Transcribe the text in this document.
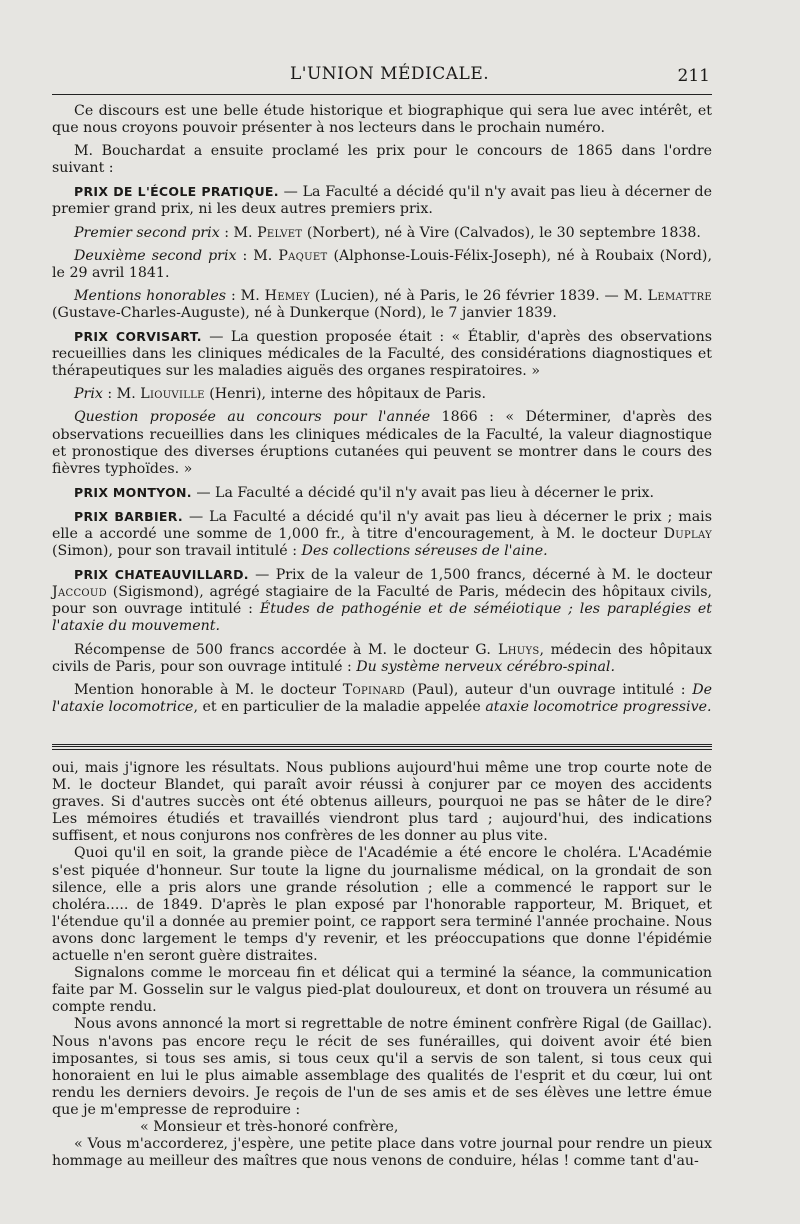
L'UNION MÉDICALE.	211

Ce discours est une belle étude historique et biographique qui sera lue avec intérêt, et que nous croyons pouvoir présenter à nos lecteurs dans le prochain numéro.

M. Bouchardat a ensuite proclamé les prix pour le concours de 1865 dans l'ordre suivant :

PRIX DE L'ÉCOLE PRATIQUE. — La Faculté a décidé qu'il n'y avait pas lieu à décerner de premier grand prix, ni les deux autres premiers prix.

Premier second prix : M. Pelvet (Norbert), né à Vire (Calvados), le 30 septembre 1838.

Deuxième second prix : M. Paquet (Alphonse-Louis-Félix-Joseph), né à Roubaix (Nord), le 29 avril 1841.

Mentions honorables : M. Hemey (Lucien), né à Paris, le 26 février 1839. — M. Lemattre (Gustave-Charles-Auguste), né à Dunkerque (Nord), le 7 janvier 1839.

PRIX CORVISART. — La question proposée était : « Établir, d'après des observations recueillies dans les cliniques médicales de la Faculté, des considérations diagnostiques et thérapeutiques sur les maladies aiguës des organes respiratoires. »

Prix : M. Liouville (Henri), interne des hôpitaux de Paris.

Question proposée au concours pour l'année 1866 : « Déterminer, d'après des observations recueillies dans les cliniques médicales de la Faculté, la valeur diagnostique et pronostique des diverses éruptions cutanées qui peuvent se montrer dans le cours des fièvres typhoïdes. »

PRIX MONTYON. — La Faculté a décidé qu'il n'y avait pas lieu à décerner le prix.

PRIX BARBIER. — La Faculté a décidé qu'il n'y avait pas lieu à décerner le prix ; mais elle a accordé une somme de 1,000 fr., à titre d'encouragement, à M. le docteur Duplay (Simon), pour son travail intitulé : Des collections séreuses de l'aine.

PRIX CHATEAUVILLARD. — Prix de la valeur de 1,500 francs, décerné à M. le docteur Jaccoud (Sigismond), agrégé stagiaire de la Faculté de Paris, médecin des hôpitaux civils, pour son ouvrage intitulé : Études de pathogénie et de séméiotique ; les paraplégies et l'ataxie du mouvement.

Récompense de 500 francs accordée à M. le docteur G. Lhuys, médecin des hôpitaux civils de Paris, pour son ouvrage intitulé : Du système nerveux cérébro-spinal.

Mention honorable à M. le docteur Topinard (Paul), auteur d'un ouvrage intitulé : De l'ataxie locomotrice, et en particulier de la maladie appelée ataxie locomotrice progressive.

oui, mais j'ignore les résultats. Nous publions aujourd'hui même une trop courte note de M. le docteur Blandet, qui paraît avoir réussi à conjurer par ce moyen des accidents graves. Si d'autres succès ont été obtenus ailleurs, pourquoi ne pas se hâter de le dire? Les mémoires étudiés et travaillés viendront plus tard ; aujourd'hui, des indications suffisent, et nous conjurons nos confrères de les donner au plus vite.

Quoi qu'il en soit, la grande pièce de l'Académie a été encore le choléra. L'Académie s'est piquée d'honneur. Sur toute la ligne du journalisme médical, on la grondait de son silence, elle a pris alors une grande résolution ; elle a commencé le rapport sur le choléra..... de 1849. D'après le plan exposé par l'honorable rapporteur, M. Briquet, et l'étendue qu'il a donnée au premier point, ce rapport sera terminé l'année prochaine. Nous avons donc largement le temps d'y revenir, et les préoccupations que donne l'épidémie actuelle n'en seront guère distraites.

Signalons comme le morceau fin et délicat qui a terminé la séance, la communication faite par M. Gosselin sur le valgus pied-plat douloureux, et dont on trouvera un résumé au compte rendu.

Nous avons annoncé la mort si regrettable de notre éminent confrère Rigal (de Gaillac). Nous n'avons pas encore reçu le récit de ses funérailles, qui doivent avoir été bien imposantes, si tous ses amis, si tous ceux qu'il a servis de son talent, si tous ceux qui honoraient en lui le plus aimable assemblage des qualités de l'esprit et du cœur, lui ont rendu les derniers devoirs. Je reçois de l'un de ses amis et de ses élèves une lettre émue que je m'empresse de reproduire :

« Monsieur et très-honoré confrère,

« Vous m'accorderez, j'espère, une petite place dans votre journal pour rendre un pieux hommage au meilleur des maîtres que nous venons de conduire, hélas ! comme tant d'au-
